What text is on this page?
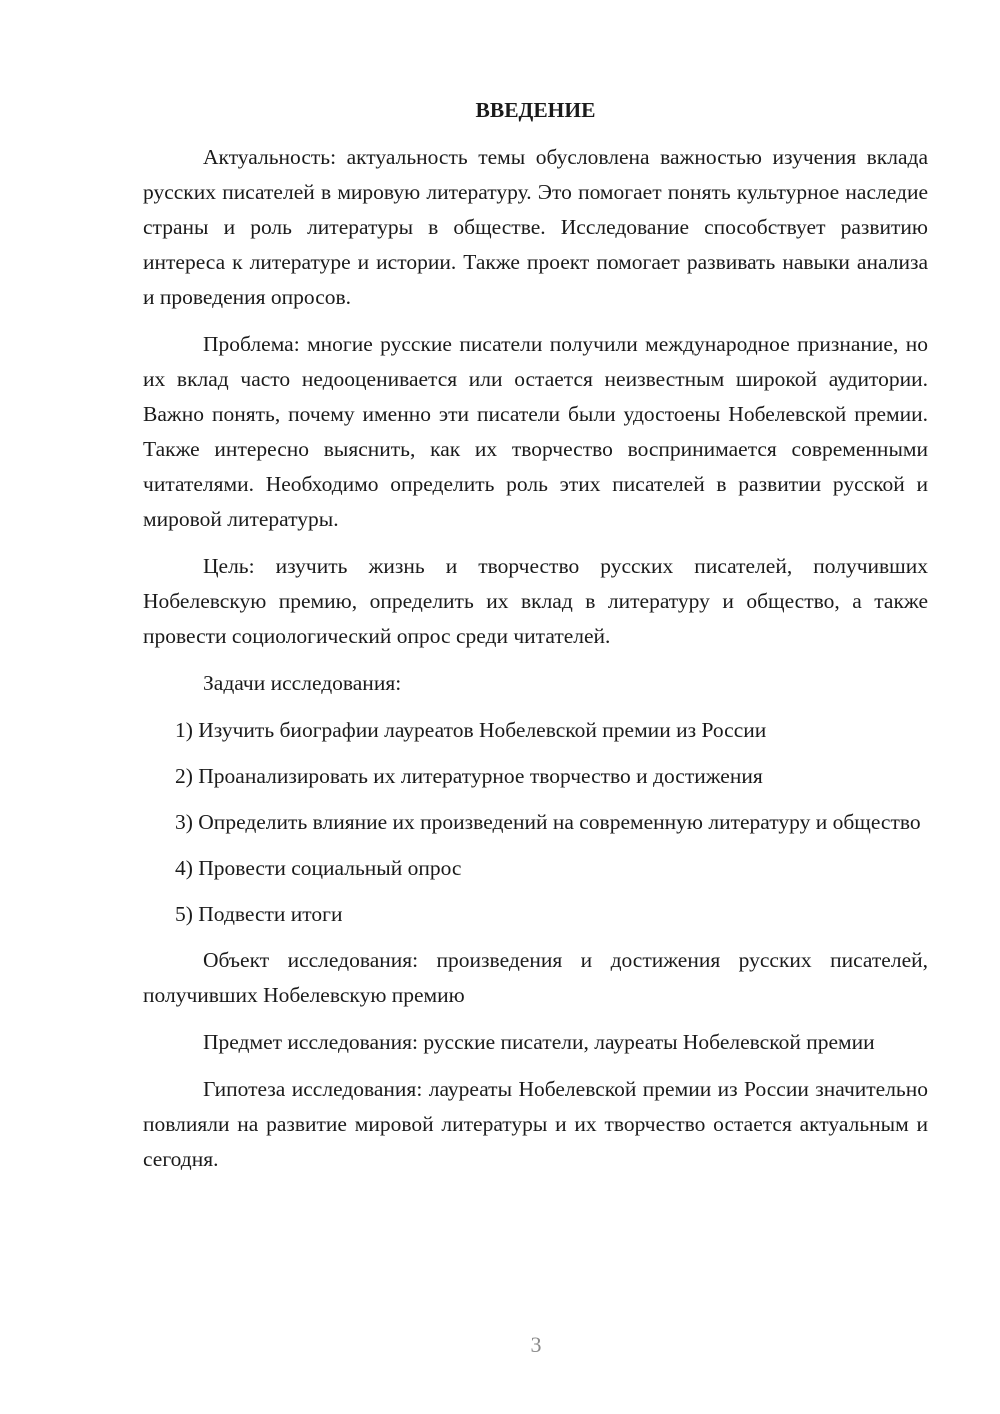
ВВЕДЕНИЕ

Актуальность: актуальность темы обусловлена важностью изучения вклада русских писателей в мировую литературу. Это помогает понять культурное наследие страны и роль литературы в обществе. Исследование способствует развитию интереса к литературе и истории. Также проект помогает развивать навыки анализа и проведения опросов.

Проблема: многие русские писатели получили международное признание, но их вклад часто недооценивается или остается неизвестным широкой аудитории. Важно понять, почему именно эти писатели были удостоены Нобелевской премии. Также интересно выяснить, как их творчество воспринимается современными читателями. Необходимо определить роль этих писателей в развитии русской и мировой литературы.

Цель: изучить жизнь и творчество русских писателей, получивших Нобелевскую премию, определить их вклад в литературу и общество, а также провести социологический опрос среди читателей.

Задачи исследования:

1) Изучить биографии лауреатов Нобелевской премии из России

2) Проанализировать их литературное творчество и достижения

3) Определить влияние их произведений на современную литературу и общество

4) Провести социальный опрос

5) Подвести итоги

Объект исследования: произведения и достижения русских писателей, получивших Нобелевскую премию

Предмет исследования: русские писатели, лауреаты Нобелевской премии

Гипотеза исследования: лауреаты Нобелевской премии из России значительно повлияли на развитие мировой литературы и их творчество остается актуальным и сегодня.

3
